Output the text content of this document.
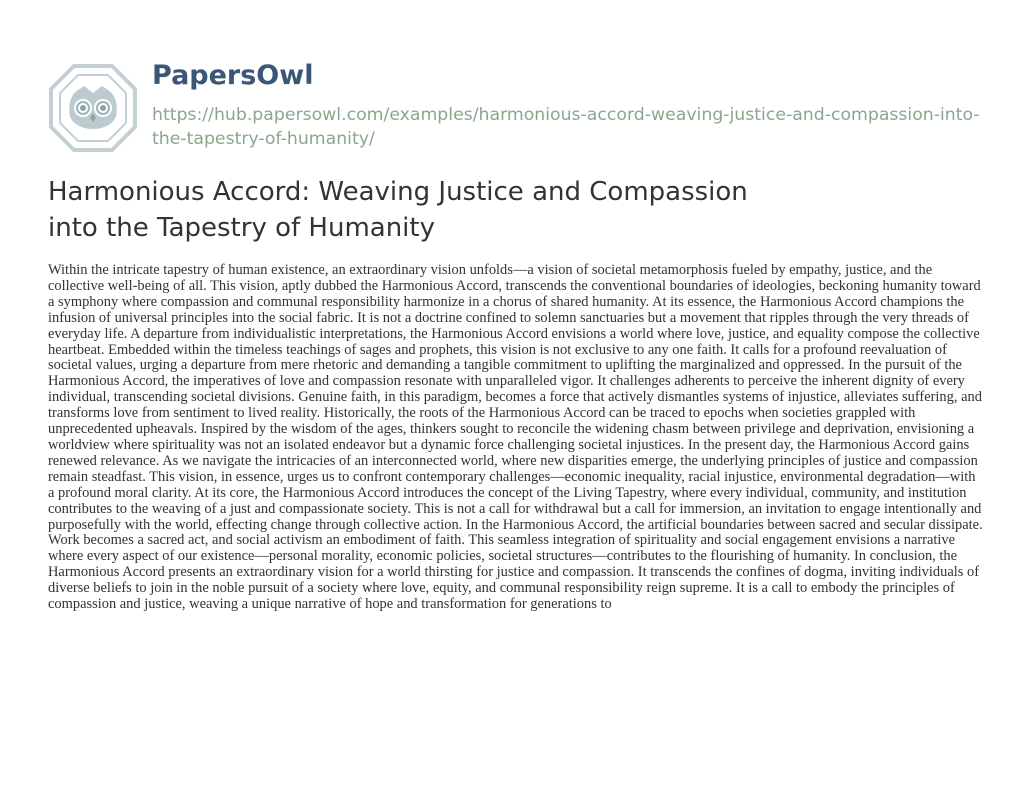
PapersOwl
https://hub.papersowl.com/examples/harmonious-accord-weaving-justice-and-compassion-into-the-tapestry-of-humanity/
Harmonious Accord: Weaving Justice and Compassion into the Tapestry of Humanity

Within the intricate tapestry of human existence, an extraordinary vision unfolds—a vision of societal metamorphosis fueled by empathy, justice, and the collective well-being of all. This vision, aptly dubbed the Harmonious Accord, transcends the conventional boundaries of ideologies, beckoning humanity toward a symphony where compassion and communal responsibility harmonize in a chorus of shared humanity. At its essence, the Harmonious Accord champions the infusion of universal principles into the social fabric. It is not a doctrine confined to solemn sanctuaries but a movement that ripples through the very threads of everyday life. A departure from individualistic interpretations, the Harmonious Accord envisions a world where love, justice, and equality compose the collective heartbeat. Embedded within the timeless teachings of sages and prophets, this vision is not exclusive to any one faith. It calls for a profound reevaluation of societal values, urging a departure from mere rhetoric and demanding a tangible commitment to uplifting the marginalized and oppressed. In the pursuit of the Harmonious Accord, the imperatives of love and compassion resonate with unparalleled vigor. It challenges adherents to perceive the inherent dignity of every individual, transcending societal divisions. Genuine faith, in this paradigm, becomes a force that actively dismantles systems of injustice, alleviates suffering, and transforms love from sentiment to lived reality. Historically, the roots of the Harmonious Accord can be traced to epochs when societies grappled with unprecedented upheavals. Inspired by the wisdom of the ages, thinkers sought to reconcile the widening chasm between privilege and deprivation, envisioning a worldview where spirituality was not an isolated endeavor but a dynamic force challenging societal injustices. In the present day, the Harmonious Accord gains renewed relevance. As we navigate the intricacies of an interconnected world, where new disparities emerge, the underlying principles of justice and compassion remain steadfast. This vision, in essence, urges us to confront contemporary challenges—economic inequality, racial injustice, environmental degradation—with a profound moral clarity. At its core, the Harmonious Accord introduces the concept of the Living Tapestry, where every individual, community, and institution contributes to the weaving of a just and compassionate society. This is not a call for withdrawal but a call for immersion, an invitation to engage intentionally and purposefully with the world, effecting change through collective action. In the Harmonious Accord, the artificial boundaries between sacred and secular dissipate. Work becomes a sacred act, and social activism an embodiment of faith. This seamless integration of spirituality and social engagement envisions a narrative where every aspect of our existence—personal morality, economic policies, societal structures—contributes to the flourishing of humanity. In conclusion, the Harmonious Accord presents an extraordinary vision for a world thirsting for justice and compassion. It transcends the confines of dogma, inviting individuals of diverse beliefs to join in the noble pursuit of a society where love, equity, and communal responsibility reign supreme. It is a call to embody the principles of compassion and justice, weaving a unique narrative of hope and transformation for generations to
